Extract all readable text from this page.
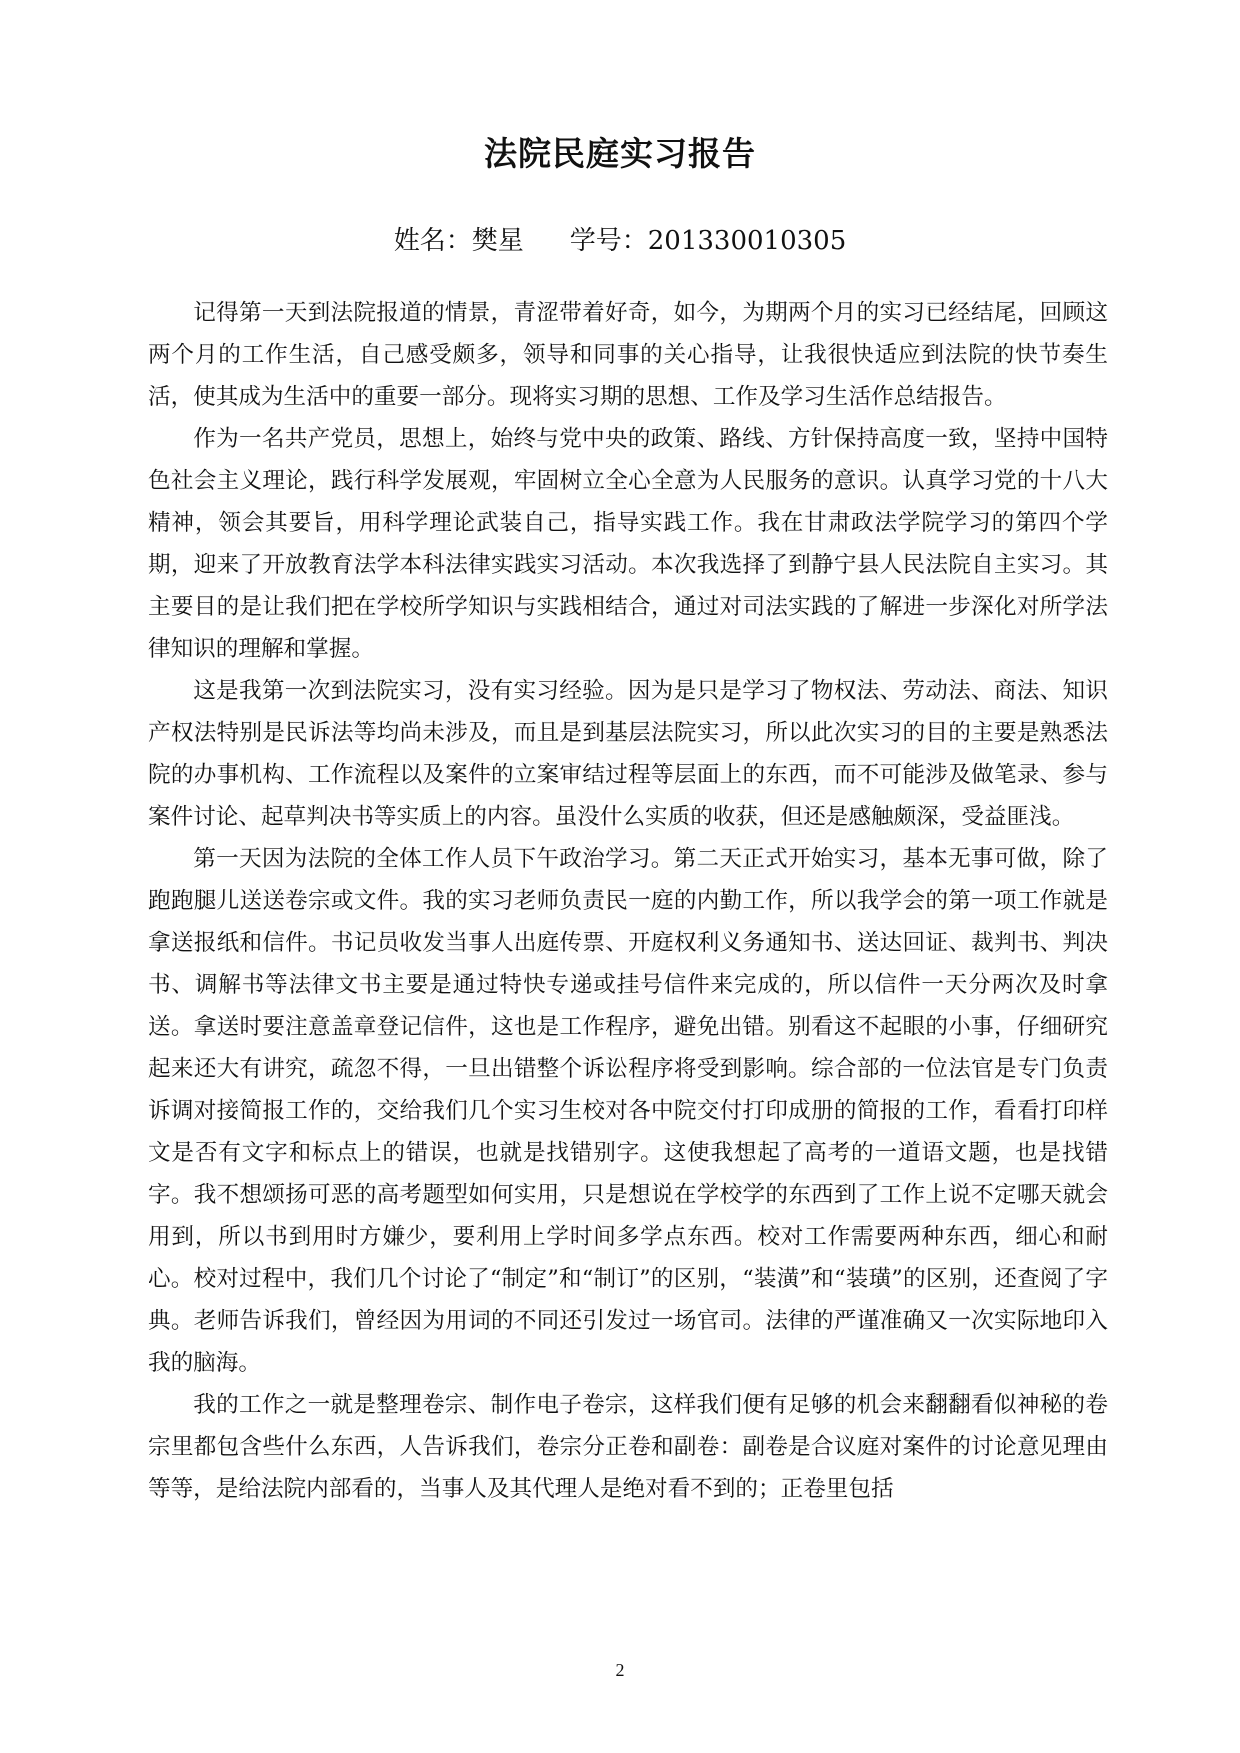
法院民庭实习报告
姓名：樊星 学号：201330010305

记得第一天到法院报道的情景，青涩带着好奇，如今，为期两个月的实习已经结尾，回顾这两个月的工作生活，自己感受颇多，领导和同事的关心指导，让我很快适应到法院的快节奏生活，使其成为生活中的重要一部分。现将实习期的思想、工作及学习生活作总结报告。

作为一名共产党员，思想上，始终与党中央的政策、路线、方针保持高度一致，坚持中国特色社会主义理论，践行科学发展观，牢固树立全心全意为人民服务的意识。认真学习党的十八大精神，领会其要旨，用科学理论武装自己，指导实践工作。我在甘肃政法学院学习的第四个学期，迎来了开放教育法学本科法律实践实习活动。本次我选择了到静宁县人民法院自主实习。其主要目的是让我们把在学校所学知识与实践相结合，通过对司法实践的了解进一步深化对所学法律知识的理解和掌握。

这是我第一次到法院实习，没有实习经验。因为是只是学习了物权法、劳动法、商法、知识产权法特别是民诉法等均尚未涉及，而且是到基层法院实习，所以此次实习的目的主要是熟悉法院的办事机构、工作流程以及案件的立案审结过程等层面上的东西，而不可能涉及做笔录、参与案件讨论、起草判决书等实质上的内容。虽没什么实质的收获，但还是感触颇深，受益匪浅。

第一天因为法院的全体工作人员下午政治学习。第二天正式开始实习，基本无事可做，除了跑跑腿儿送送卷宗或文件。我的实习老师负责民一庭的内勤工作，所以我学会的第一项工作就是拿送报纸和信件。书记员收发当事人出庭传票、开庭权利义务通知书、送达回证、裁判书、判决书、调解书等法律文书主要是通过特快专递或挂号信件来完成的，所以信件一天分两次及时拿送。拿送时要注意盖章登记信件，这也是工作程序，避免出错。别看这不起眼的小事，仔细研究起来还大有讲究，疏忽不得，一旦出错整个诉讼程序将受到影响。综合部的一位法官是专门负责诉调对接简报工作的，交给我们几个实习生校对各中院交付打印成册的简报的工作，看看打印样文是否有文字和标点上的错误，也就是找错别字。这使我想起了高考的一道语文题，也是找错字。我不想颂扬可恶的高考题型如何实用，只是想说在学校学的东西到了工作上说不定哪天就会用到，所以书到用时方嫌少，要利用上学时间多学点东西。校对工作需要两种东西，细心和耐心。校对过程中，我们几个讨论了“制定”和“制订”的区别，“装潢”和“装璜”的区别，还查阅了字典。老师告诉我们，曾经因为用词的不同还引发过一场官司。法律的严谨准确又一次实际地印入我的脑海。

我的工作之一就是整理卷宗、制作电子卷宗，这样我们便有足够的机会来翻翻看似神秘的卷宗里都包含些什么东西，人告诉我们，卷宗分正卷和副卷：副卷是合议庭对案件的讨论意见理由等等，是给法院内部看的，当事人及其代理人是绝对看不到的；正卷里包括

2
